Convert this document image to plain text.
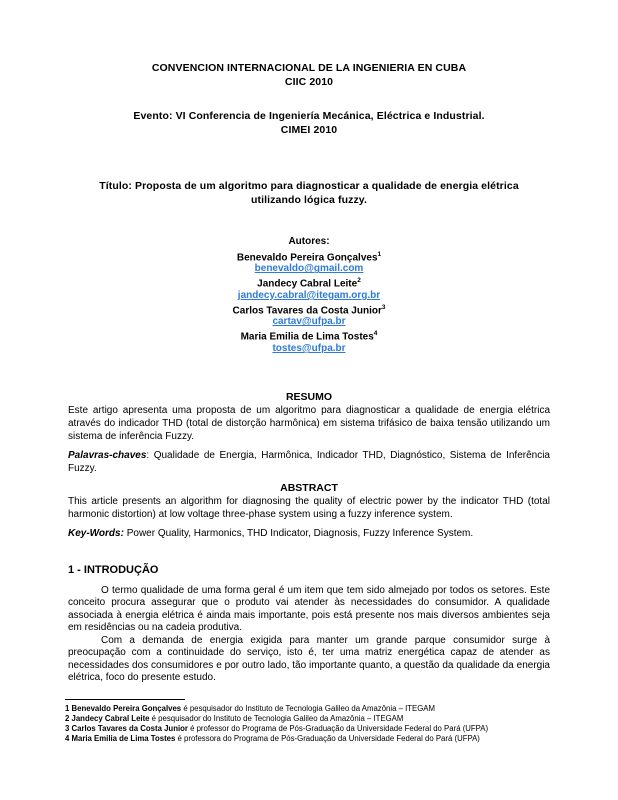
CONVENCION INTERNACIONAL DE LA INGENIERIA EN CUBA
CIIC 2010
Evento: VI Conferencia de Ingeniería Mecánica, Eléctrica e Industrial.
CIMEI 2010
Título: Proposta de um algoritmo para diagnosticar a qualidade de energia elétrica
utilizando lógica fuzzy.
Autores:
Benevaldo Pereira Gonçalves$^1$
benevaldo@gmail.com
Jandecy Cabral Leite$^2$
jandecy.cabral@itegam.org.br
Carlos Tavares da Costa Junior$^3$
cartav@ufpa.br
Maria Emilia de Lima Tostes$^4$
tostes@ufpa.br
RESUMO
Este artigo apresenta uma proposta de um algoritmo para diagnosticar a qualidade de energia elétrica através do indicador THD (total de distorção harmônica) em sistema trifásico de baixa tensão utilizando um sistema de inferência Fuzzy.
Palavras-chaves: Qualidade de Energia, Harmônica, Indicador THD, Diagnóstico, Sistema de Inferência Fuzzy.
ABSTRACT
This article presents an algorithm for diagnosing the quality of electric power by the indicator THD (total harmonic distortion) at low voltage three-phase system using a fuzzy inference system.
Key-Words: Power Quality, Harmonics, THD Indicator, Diagnosis, Fuzzy Inference System.
1 - INTRODUÇÃO
O termo qualidade de uma forma geral é um item que tem sido almejado por todos os setores. Este conceito procura assegurar que o produto vai atender às necessidades do consumidor. A qualidade associada à energia elétrica é ainda mais importante, pois está presente nos mais diversos ambientes seja em residências ou na cadeia produtiva.
Com a demanda de energia exigida para manter um grande parque consumidor surge à preocupação com a continuidade do serviço, isto é, ter uma matriz energética capaz de atender as necessidades dos consumidores e por outro lado, tão importante quanto, a questão da qualidade da energia elétrica, foco do presente estudo.
1 Benevaldo Pereira Gonçalves é pesquisador do Instituto de Tecnologia Galileo da Amazônia – ITEGAM
2 Jandecy Cabral Leite é pesquisador do Instituto de Tecnologia Galileo da Amazônia – ITEGAM
3 Carlos Tavares da Costa Junior é professor do Programa de Pós-Graduação da Universidade Federal do Pará (UFPA)
4 Maria Emilia de Lima Tostes é professora do Programa de Pós-Graduação da Universidade Federal do Pará (UFPA)
